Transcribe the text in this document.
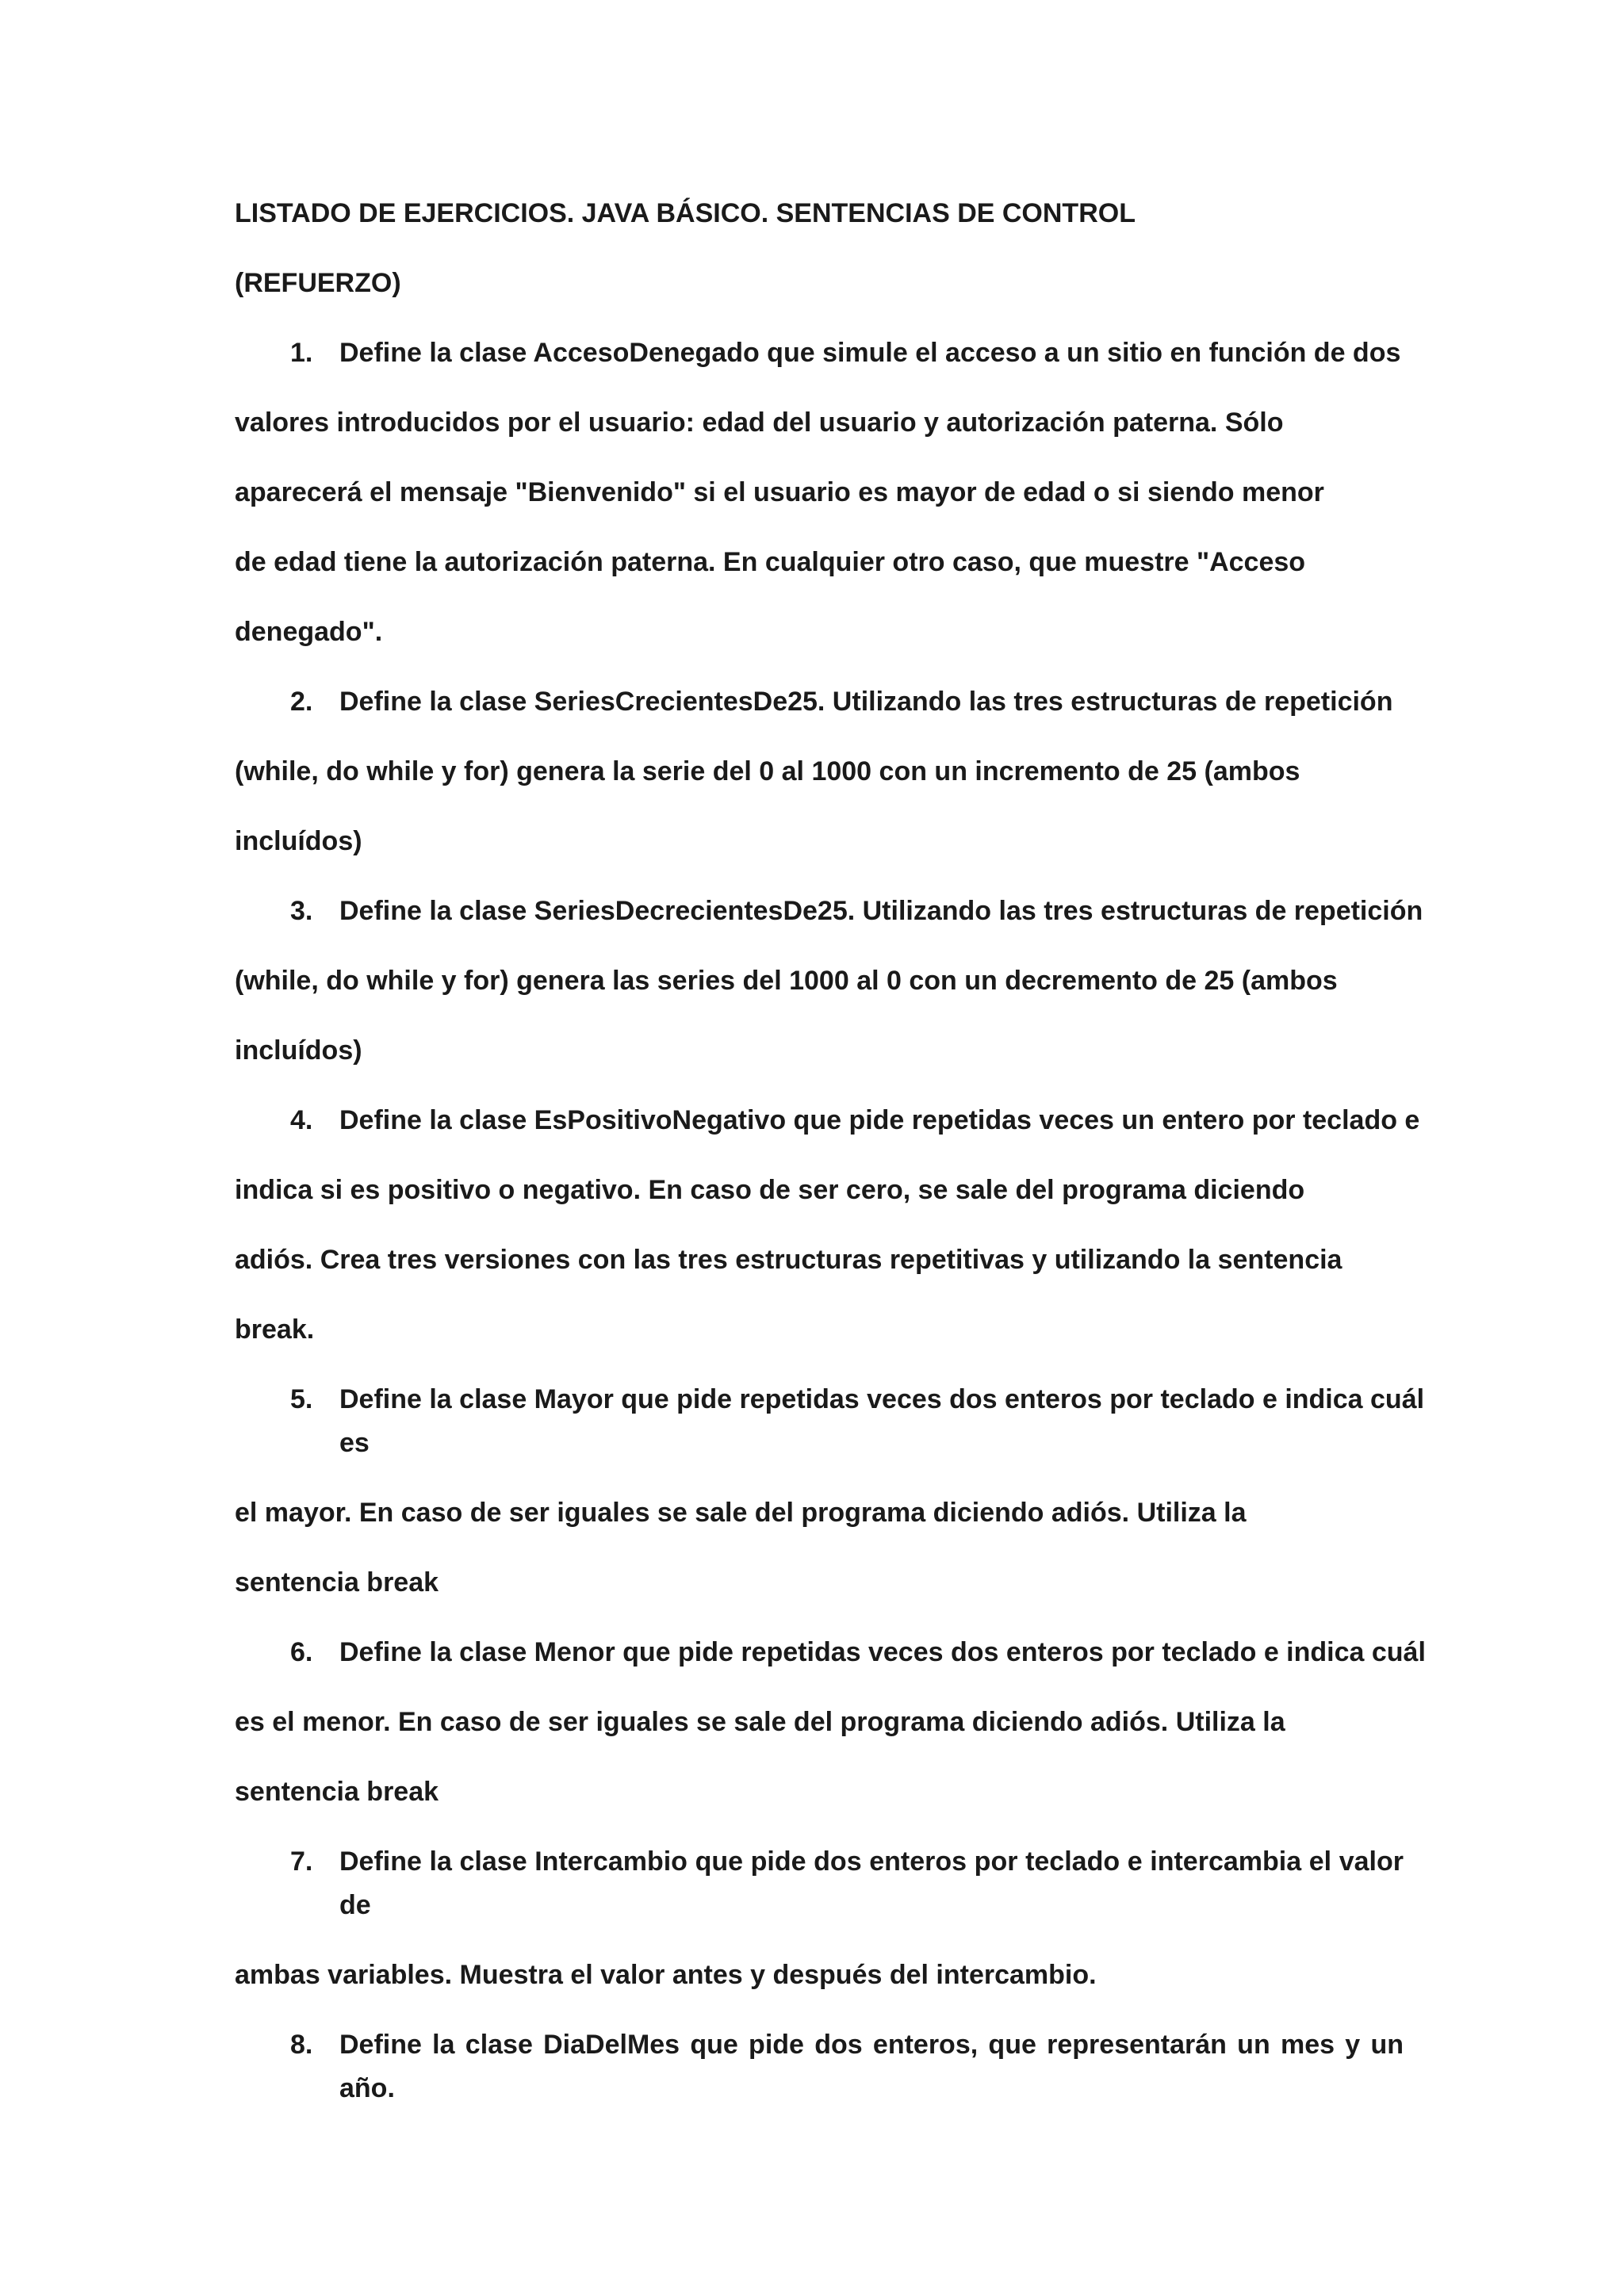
LISTADO DE EJERCICIOS. JAVA BÁSICO. SENTENCIAS DE CONTROL
(REFUERZO)
1. Define la clase AccesoDenegado que simule el acceso a un sitio en función de dos
valores introducidos por el usuario: edad del usuario y autorización paterna. Sólo
aparecerá el mensaje "Bienvenido" si el usuario es mayor de edad o si siendo menor
de edad tiene la autorización paterna. En cualquier otro caso, que muestre "Acceso
denegado".
2. Define la clase SeriesCrecientesDe25. Utilizando las tres estructuras de repetición
(while, do while y for) genera la serie del 0 al 1000 con un incremento de 25 (ambos
incluídos)
3. Define la clase SeriesDecrecientesDe25. Utilizando las tres estructuras de repetición
(while, do while y for) genera las series del 1000 al 0 con un decremento de 25 (ambos
incluídos)
4. Define la clase EsPositivoNegativo que pide repetidas veces un entero por teclado e
indica si es positivo o negativo. En caso de ser cero, se sale del programa diciendo
adiós. Crea tres versiones con las tres estructuras repetitivas y utilizando la sentencia
break.
5. Define la clase Mayor que pide repetidas veces dos enteros por teclado e indica cuál
es
el mayor. En caso de ser iguales se sale del programa diciendo adiós. Utiliza la
sentencia break
6. Define la clase Menor que pide repetidas veces dos enteros por teclado e indica cuál
es el menor. En caso de ser iguales se sale del programa diciendo adiós. Utiliza la
sentencia break
7. Define la clase Intercambio que pide dos enteros por teclado e intercambia el valor
de
ambas variables. Muestra el valor antes y después del intercambio.
8. Define la clase DiaDelMes que pide dos enteros, que representarán un mes y un
año.
